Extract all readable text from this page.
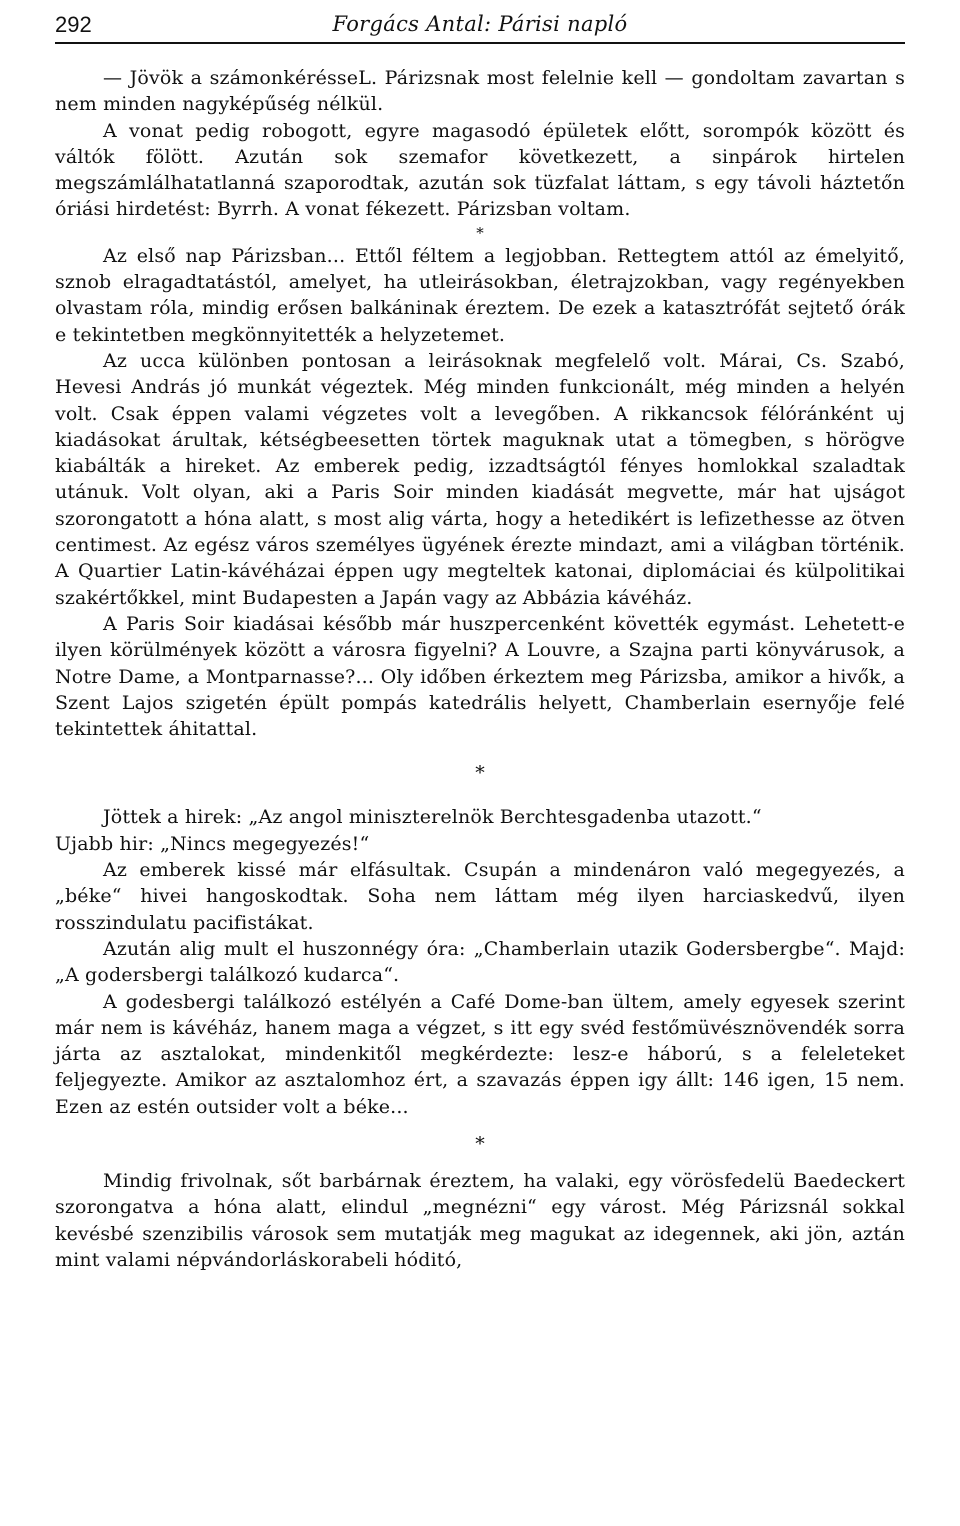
292	Forgács Antal: Párisi napló

— Jövök a számonkérésseL. Párizsnak most felelnie kell — gondoltam zavartan s nem minden nagyképűség nélkül.

A vonat pedig robogott, egyre magasodó épületek előtt, sorompók között és váltók fölött. Azután sok szemafor következett, a sinpárok hirtelen megszámlálhatatlanná szaporodtak, azután sok tüzfalat láttam, s egy távoli háztetőn óriási hirdetést: Byrrh. A vonat fékezett. Párizsban voltam.

*

Az első nap Párizsban... Ettől féltem a legjobban. Rettegtem attól az émelyitő, sznob elragadtatástól, amelyet, ha utleirásokban, életrajzokban, vagy regényekben olvastam róla, mindig erősen balkáninak éreztem. De ezek a katasztrófát sejtető órák e tekintetben megkönnyitették a helyzetemet.

Az ucca különben pontosan a leirásoknak megfelelő volt. Márai, Cs. Szabó, Hevesi András jó munkát végeztek. Még minden funkcionált, még minden a helyén volt. Csak éppen valami végzetes volt a levegőben. A rikkancsok félóránként uj kiadásokat árultak, kétségbeesetten törtek maguknak utat a tömegben, s hörögve kiabálták a hireket. Az emberek pedig, izzadtságtól fényes homlokkal szaladtak utánuk. Volt olyan, aki a Paris Soir minden kiadását megvette, már hat ujságot szorongatott a hóna alatt, s most alig várta, hogy a hetedikért is lefizethesse az ötven centimest. Az egész város személyes ügyének érezte mindazt, ami a világban történik. A Quartier Latin-kávéházai éppen ugy megteltek katonai, diplomáciai és külpolitikai szakértőkkel, mint Budapesten a Japán vagy az Abbázia kávéház.

A Paris Soir kiadásai később már huszpercenként követték egymást. Lehetett-e ilyen körülmények között a városra figyelni? A Louvre, a Szajna parti könyvárusok, a Notre Dame, a Montparnasse?... Oly időben érkeztem meg Párizsba, amikor a hivők, a Szent Lajos szigetén épült pompás katedrális helyett, Chamberlain esernyője felé tekintettek áhitattal.

*

Jöttek a hirek: „Az angol miniszterelnök Berchtesgadenba utazott.“

Ujabb hir: „Nincs megegyezés!“

Az emberek kissé már elfásultak. Csupán a mindenáron való megegyezés, a „béke“ hivei hangoskodtak. Soha nem láttam még ilyen harciaskedvű, ilyen rosszindulatu pacifistákat.

Azután alig mult el huszonnégy óra: „Chamberlain utazik Godersbergbe“. Majd: „A godersbergi találkozó kudarca“.

A godesbergi találkozó estélyén a Café Dome-ban ültem, amely egyesek szerint már nem is kávéház, hanem maga a végzet, s itt egy svéd festőmüvésznövendék sorra járta az asztalokat, mindenkitől megkérdezte: lesz-e háború, s a feleleteket feljegyezte. Amikor az asztalomhoz ért, a szavazás éppen igy állt: 146 igen, 15 nem. Ezen az estén outsider volt a béke...

*

Mindig frivolnak, sőt barbárnak éreztem, ha valaki, egy vörösfedelü Baedeckert szorongatva a hóna alatt, elindul „megnézni“ egy várost. Még Párizsnál sokkal kevésbé szenzibilis városok sem mutatják meg magukat az idegennek, aki jön, aztán mint valami népvándorláskorabeli hóditó,
